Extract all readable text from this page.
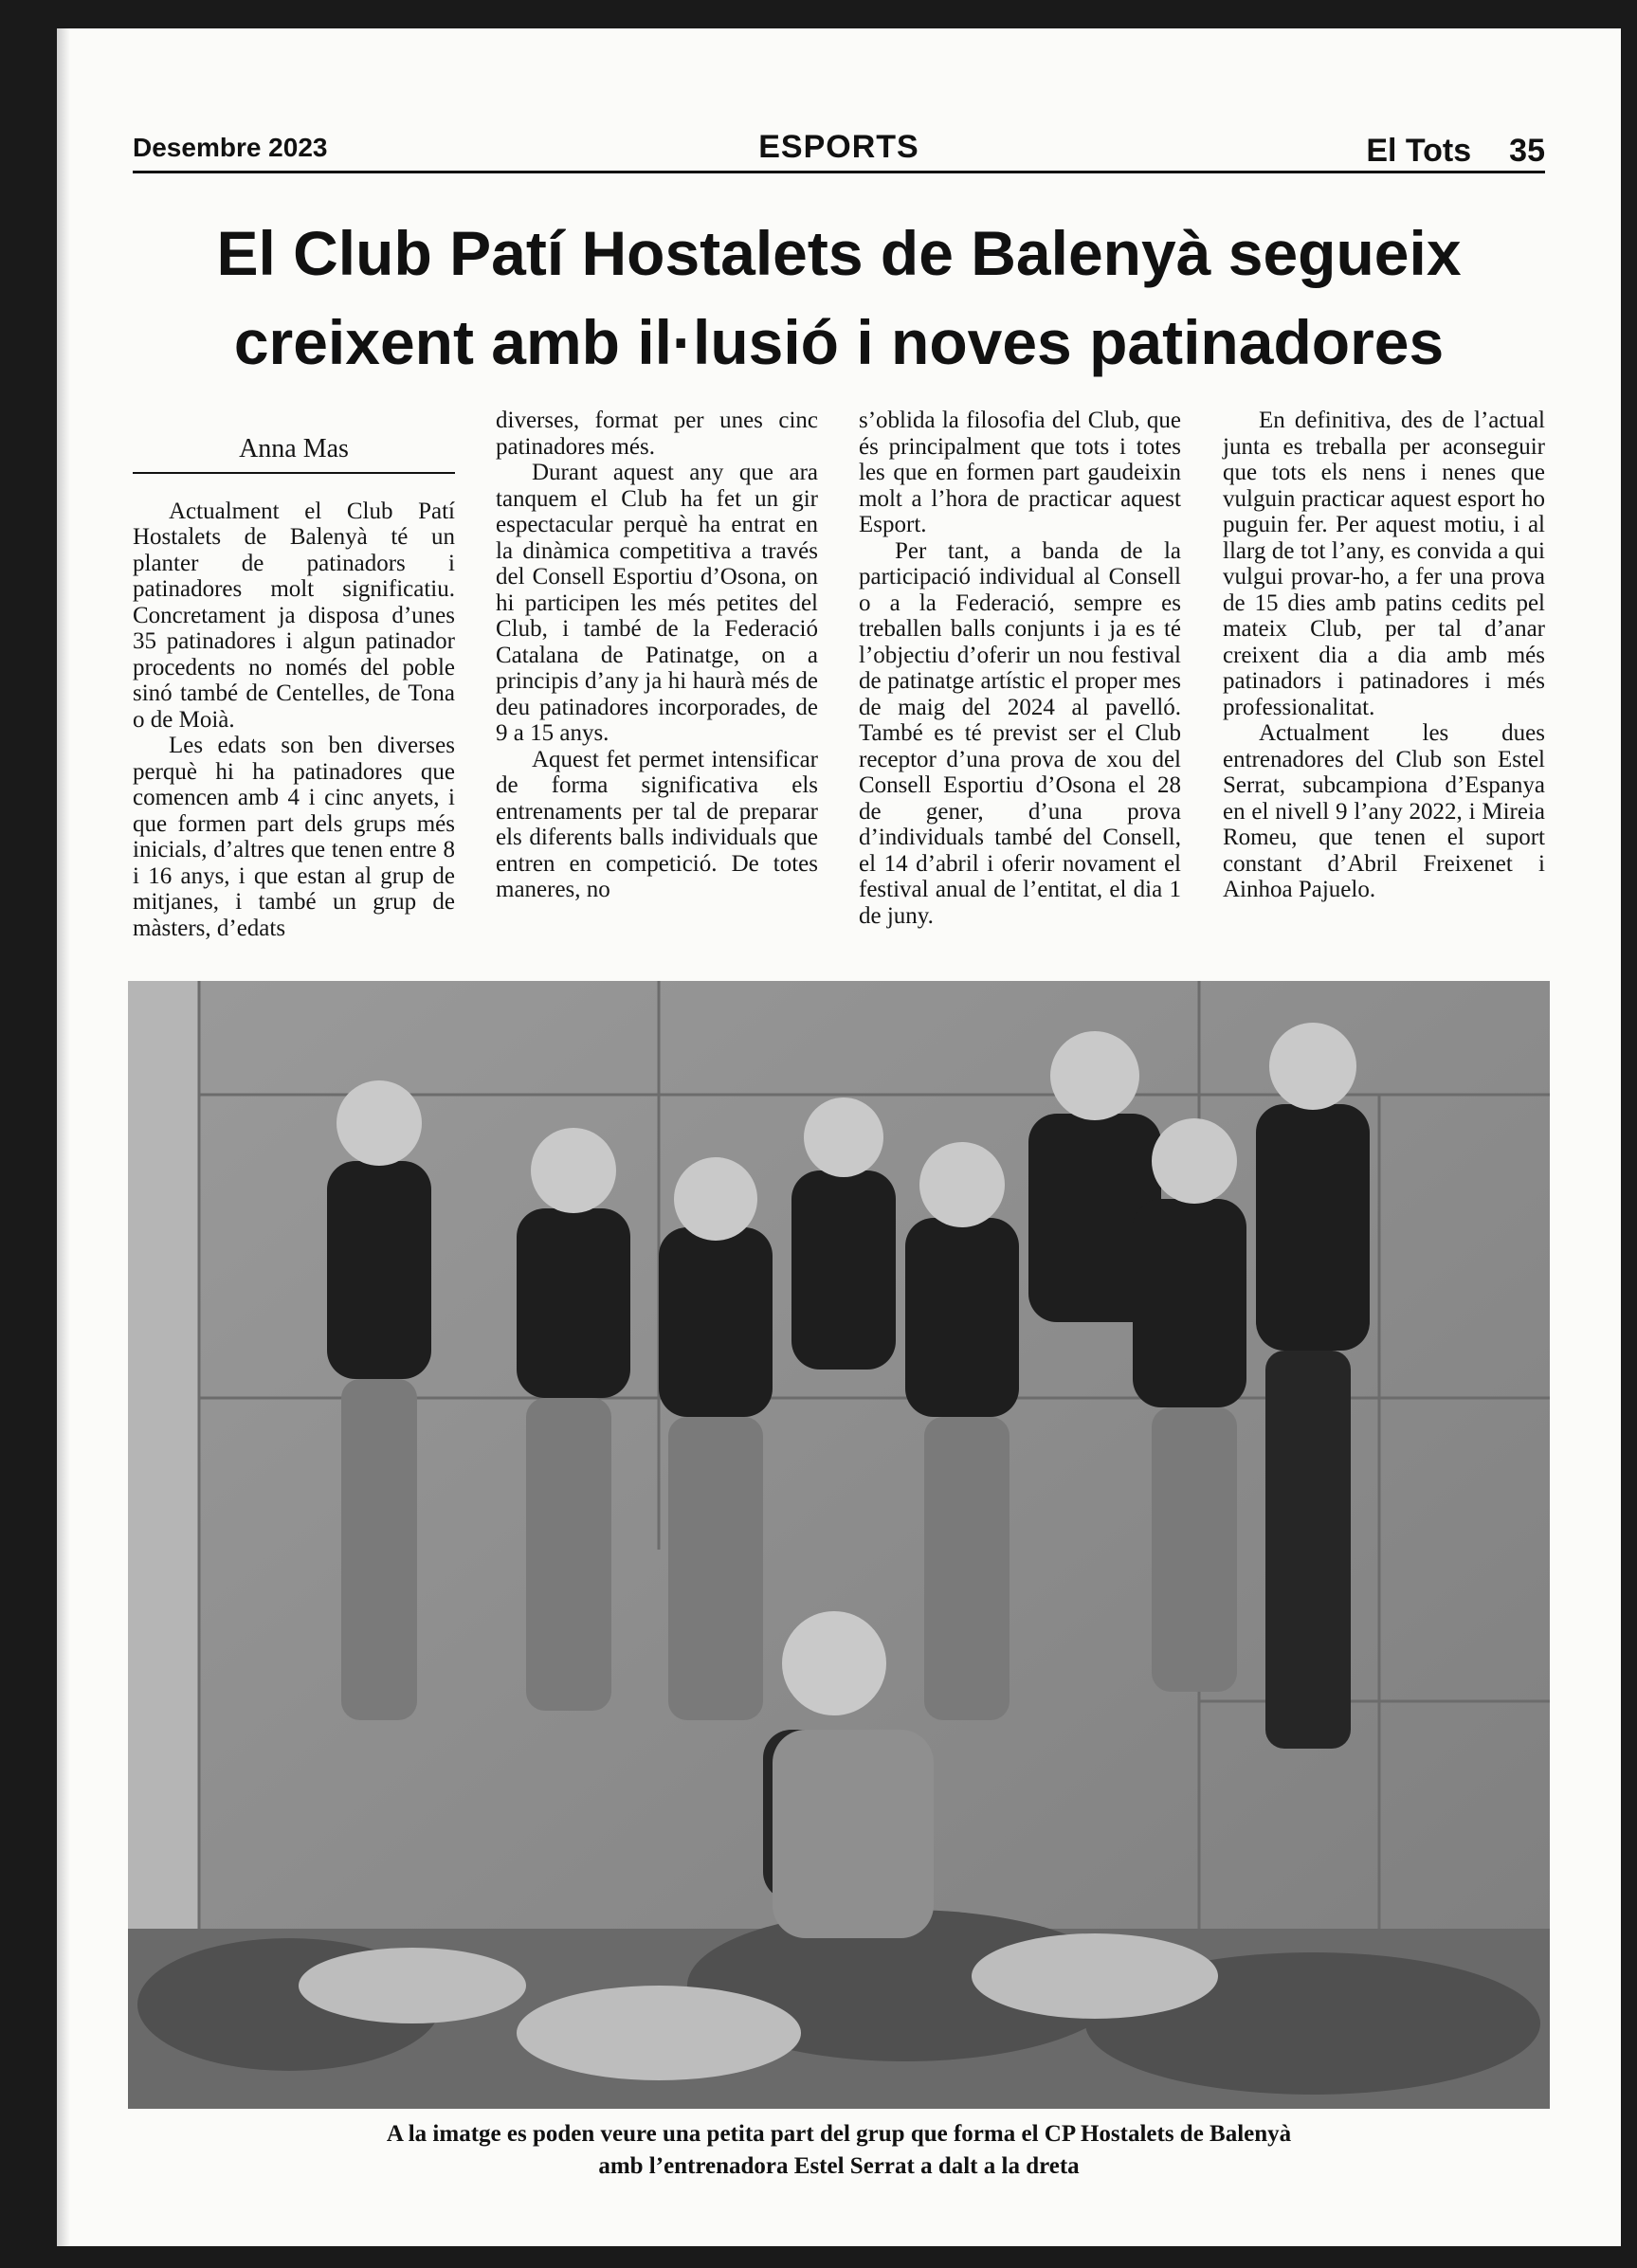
Desembre 2023	ESPORTS	El Tots 35
El Club Patí Hostalets de Balenyà segueix
creixent amb il·lusió i noves patinadores
Anna Mas

Actualment el Club Patí Hostalets de Balenyà té un planter de patinadors i patinadores molt significatiu. Concretament ja disposa d’unes 35 patinadores i algun patinador procedents no només del poble sinó també de Centelles, de Tona o de Moià.

Les edats son ben diverses perquè hi ha patinadores que comencen amb 4 i cinc anyets, i que formen part dels grups més inicials, d’altres que tenen entre 8 i 16 anys, i que estan al grup de mitjanes, i també un grup de màsters, d’edats

diverses, format per unes cinc patinadores més.

Durant aquest any que ara tanquem el Club ha fet un gir espectacular perquè ha entrat en la dinàmica competitiva a través del Consell Esportiu d’Osona, on hi participen les més petites del Club, i també de la Federació Catalana de Patinatge, on a principis d’any ja hi haurà més de deu patinadores incorporades, de 9 a 15 anys.

Aquest fet permet intensificar de forma significativa els entrenaments per tal de preparar els diferents balls individuals que entren en competició. De totes maneres, no

s’oblida la filosofia del Club, que és principalment que tots i totes les que en formen part gaudeixin molt a l’hora de practicar aquest Esport.

Per tant, a banda de la participació individual al Consell o a la Federació, sempre es treballen balls conjunts i ja es té l’objectiu d’oferir un nou festival de patinatge artístic el proper mes de maig del 2024 al pavelló. També es té previst ser el Club receptor d’una prova de xou del Consell Esportiu d’Osona el 28 de gener, d’una prova d’individuals també del Consell, el 14 d’abril i oferir novament el festival anual de l’entitat, el dia 1 de juny.

En definitiva, des de l’actual junta es treballa per aconseguir que tots els nens i nenes que vulguin practicar aquest esport ho puguin fer. Per aquest motiu, i al llarg de tot l’any, es convida a qui vulgui provar-ho, a fer una prova de 15 dies amb patins cedits pel mateix Club, per tal d’anar creixent dia a dia amb més patinadors i patinadores i més professionalitat.

Actualment les dues entrenadores del Club son Estel Serrat, subcampiona d’Espanya en el nivell 9 l’any 2022, i Mireia Romeu, que tenen el suport constant d’Abril Freixenet i Ainhoa Pajuelo.

A la imatge es poden veure una petita part del grup que forma el CP Hostalets de Balenyà
amb l’entrenadora Estel Serrat a dalt a la dreta
